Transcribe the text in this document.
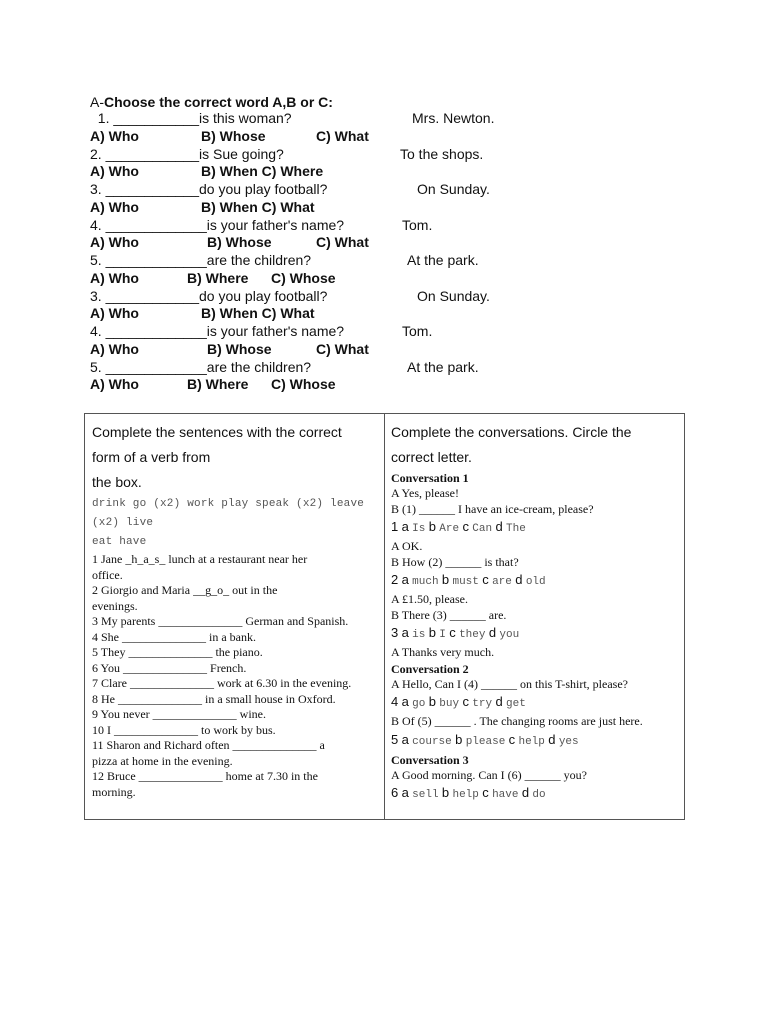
A-Choose the correct word A,B or C:
1. ___________is this woman?	Mrs. Newton.
A) Who	B) Whose	C) What
2. ____________is Sue going?	To the shops.
A) Who	B) When C) Where
3. ____________do you play football?	On Sunday.
A) Who	B) When C) What
4. _____________is your father's name?	Tom.
A) Who	B) Whose	C) What
5. _____________are the children?	At the park.
A) Who	B) Where C) Whose
3. ____________do you play football?	On Sunday.
A) Who	B) When C) What
4. _____________is your father's name?	Tom.
A) Who	B) Whose	C) What
5. _____________are the children?	At the park.
A) Who	B) Where C) Whose
Complete the sentences with the correct
form of a verb from
the box.
drink go (x2) work play speak (x2) leave
(x2) live
eat have
1 Jane _h_a_s_ lunch at a restaurant near her
office.
2 Giorgio and Maria __g_o_ out in the
evenings.
3 My parents ______________ German and Spanish.
4 She ______________ in a bank.
5 They ______________ the piano.
6 You ______________ French.
7 Clare ______________ work at 6.30 in the evening.
8 He ______________ in a small house in Oxford.
9 You never ______________ wine.
10 I ______________ to work by bus.
11 Sharon and Richard often ______________ a
pizza at home in the evening.
12 Bruce ______________ home at 7.30 in the
morning.
Complete the conversations. Circle the
correct letter.
Conversation 1
A Yes, please!
B (1) ______ I have an ice-cream, please?
1 a Is b Are c Can d The
A OK.
B How (2) ______ is that?
2 a much b must c are d old
A £1.50, please.
B There (3) ______ are.
3 a is b I c they d you
A Thanks very much.
Conversation 2
A Hello, Can I (4) ______ on this T-shirt, please?
4 a go b buy c try d get
B Of (5) ______ . The changing rooms are just here.
5 a course b please c help d yes
Conversation 3
A Good morning. Can I (6) ______ you?
6 a sell b help c have d do
